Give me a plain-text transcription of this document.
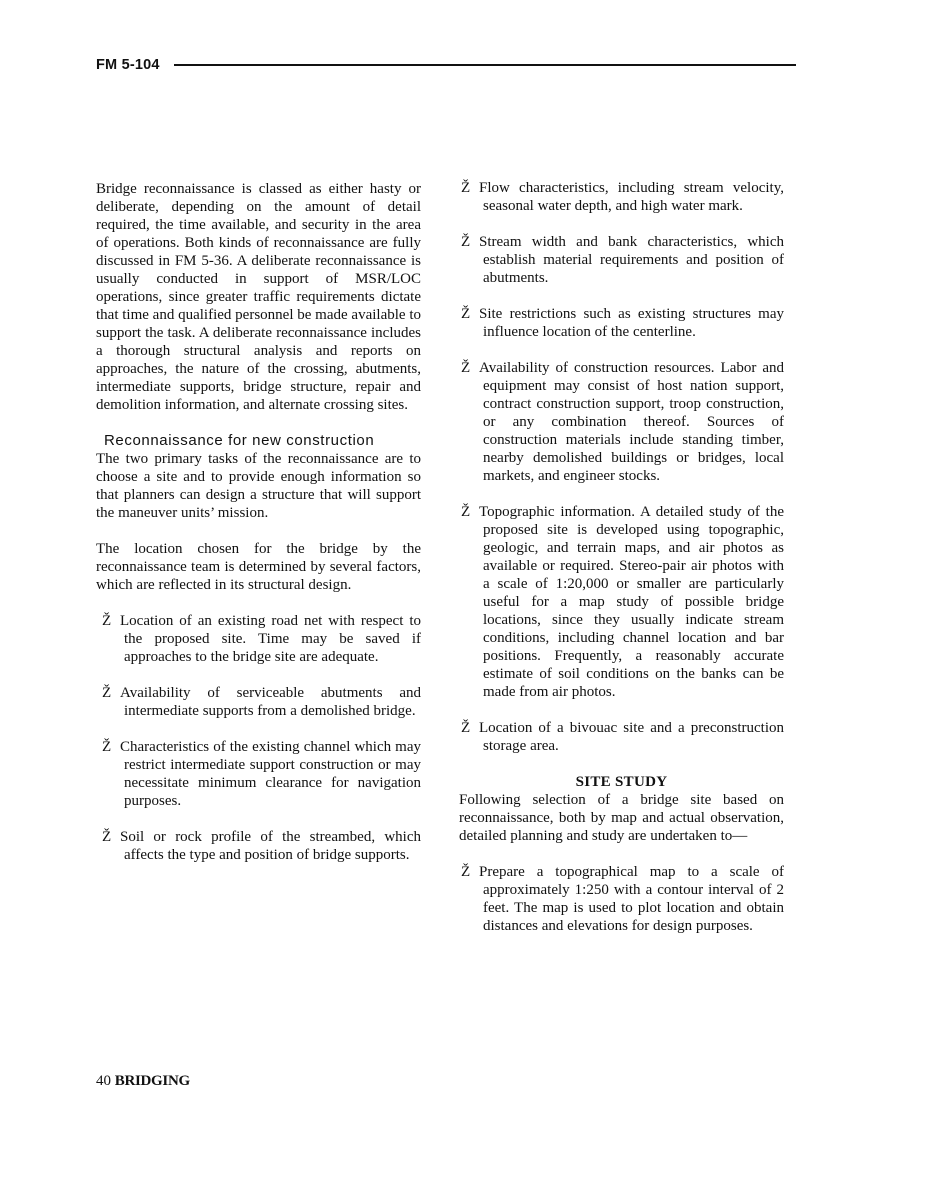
FM 5-104

Bridge reconnaissance is classed as either hasty or deliberate, depending on the amount of detail required, the time available, and security in the area of operations. Both kinds of reconnaissance are fully discussed in FM 5-36. A deliberate reconnaissance is usually conducted in support of MSR/LOC operations, since greater traffic requirements dictate that time and qualified personnel be made available to support the task. A deliberate reconnaissance includes a thorough structural analysis and reports on approaches, the nature of the crossing, abutments, intermediate supports, bridge structure, repair and demolition information, and alternate crossing sites.

Reconnaissance for new construction

The two primary tasks of the reconnaissance are to choose a site and to provide enough information so that planners can design a structure that will support the maneuver units’ mission.

The location chosen for the bridge by the reconnaissance team is determined by several factors, which are reflected in its structural design.

Ž Location of an existing road net with respect to the proposed site. Time may be saved if approaches to the bridge site are adequate.

Ž Availability of serviceable abutments and intermediate supports from a demolished bridge.

Ž Characteristics of the existing channel which may restrict intermediate support construction or may necessitate minimum clearance for navigation purposes.

Ž Soil or rock profile of the streambed, which affects the type and position of bridge supports.

Ž Flow characteristics, including stream velocity, seasonal water depth, and high water mark.

Ž Stream width and bank characteristics, which establish material requirements and position of abutments.

Ž Site restrictions such as existing structures may influence location of the centerline.

Ž Availability of construction resources. Labor and equipment may consist of host nation support, contract construction support, troop construction, or any combination thereof. Sources of construction materials include standing timber, nearby demolished buildings or bridges, local markets, and engineer stocks.

Ž Topographic information. A detailed study of the proposed site is developed using topographic, geologic, and terrain maps, and air photos as available or required. Stereo-pair air photos with a scale of 1:20,000 or smaller are particularly useful for a map study of possible bridge locations, since they usually indicate stream conditions, including channel location and bar positions. Frequently, a reasonably accurate estimate of soil conditions on the banks can be made from air photos.

Ž Location of a bivouac site and a preconstruction storage area.

SITE STUDY

Following selection of a bridge site based on reconnaissance, both by map and actual observation, detailed planning and study are undertaken to—

Ž Prepare a topographical map to a scale of approximately 1:250 with a contour interval of 2 feet. The map is used to plot location and obtain distances and elevations for design purposes.

40 BRIDGING
